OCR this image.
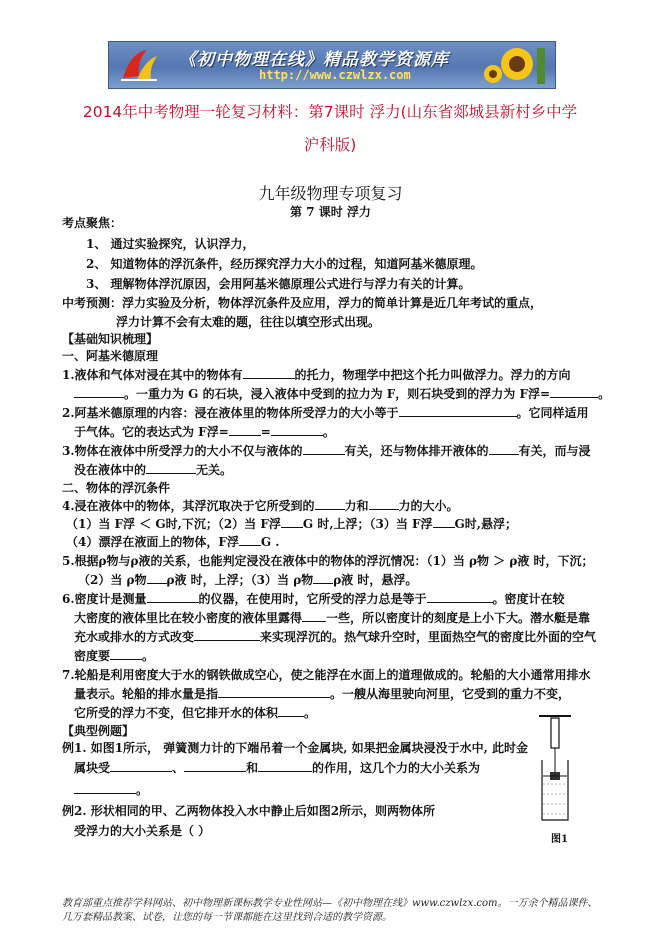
《初中物理在线》精品教学资源库
http://www.czwlzx.com
2014年中考物理一轮复习材料：第7课时 浮力(山东省郯城县新村乡中学
沪科版)
九年级物理专项复习
第 7 课时 浮力
考点聚焦：
1、 通过实验探究，认识浮力，
2、 知道物体的浮沉条件，经历探究浮力大小的过程，知道阿基米德原理。
3、 理解物体浮沉原因，会用阿基米德原理公式进行与浮力有关的计算。
中考预测：浮力实验及分析，物体浮沉条件及应用，浮力的简单计算是近几年考试的重点，
浮力计算不会有太难的题，往往以填空形式出现。
【基础知识梳理】
一、阿基米德原理
1.液体和气体对浸在其中的物体有	的托力，物理学中把这个托力叫做浮力。浮力的方向
。一重力为 G 的石块，浸入液体中受到的拉力为 F，则石块受到的浮力为 F浮=	。
2.阿基米德原理的内容：浸在液体里的物体所受浮力的大小等于	。它同样适用
于气体。它的表达式为 F浮=	=	。
3.物体在液体中所受浮力的大小不仅与液体的	有关，还与物体排开液体的	有关，而与浸
没在液体中的	无关。
二、物体的浮沉条件
4.浸在液体中的物体，其浮沉取决于它所受到的	力和	力的大小。
（1）当 F浮 ＜ G时,下沉；（2）当 F浮 G 时,上浮；（3）当 F浮 G时,悬浮；
（4）漂浮在液面上的物体，F浮 G .
5.根据ρ物与ρ液的关系，也能判定浸没在液体中的物体的浮沉情况：（1）当 ρ物 ＞ ρ液 时，下沉；
（2）当 ρ物 ρ液 时，上浮；（3）当 ρ物 ρ液 时，悬浮。
6.密度计是测量	的仪器，在使用时，它所受的浮力总是等于	。密度计在较
大密度的液体里比在较小密度的液体里露得 一些，所以密度计的刻度是上小下大。潜水艇是靠
充水或排水的方式改变	来实现浮沉的。热气球升空时，里面热空气的密度比外面的空气
密度要	。
7.轮船是利用密度大于水的钢铁做成空心，使之能浮在水面上的道理做成的。轮船的大小通常用排水
量表示。轮船的排水量是指	。一艘从海里驶向河里，它受到的重力不变，
它所受的浮力不变，但它排开水的体积 。
【典型例题】
例1. 如图1所示， 弹簧测力计的下端吊着一个金属块, 如果把金属块浸没于水中, 此时金
属块受	、	和	的作用，这几个力的大小关系为
。
例2. 形状相同的甲、乙两物体投入水中静止后如图2所示，则两物体所
受浮力的大小关系是（ ）
图1
教育部重点推荐学科网站、初中物理新课标教学专业性网站—《初中物理在线》www.czwlzx.com。一万余个精品课件、
几万套精品教案、试卷，让您的每一节课都能在这里找到合适的教学资源。
